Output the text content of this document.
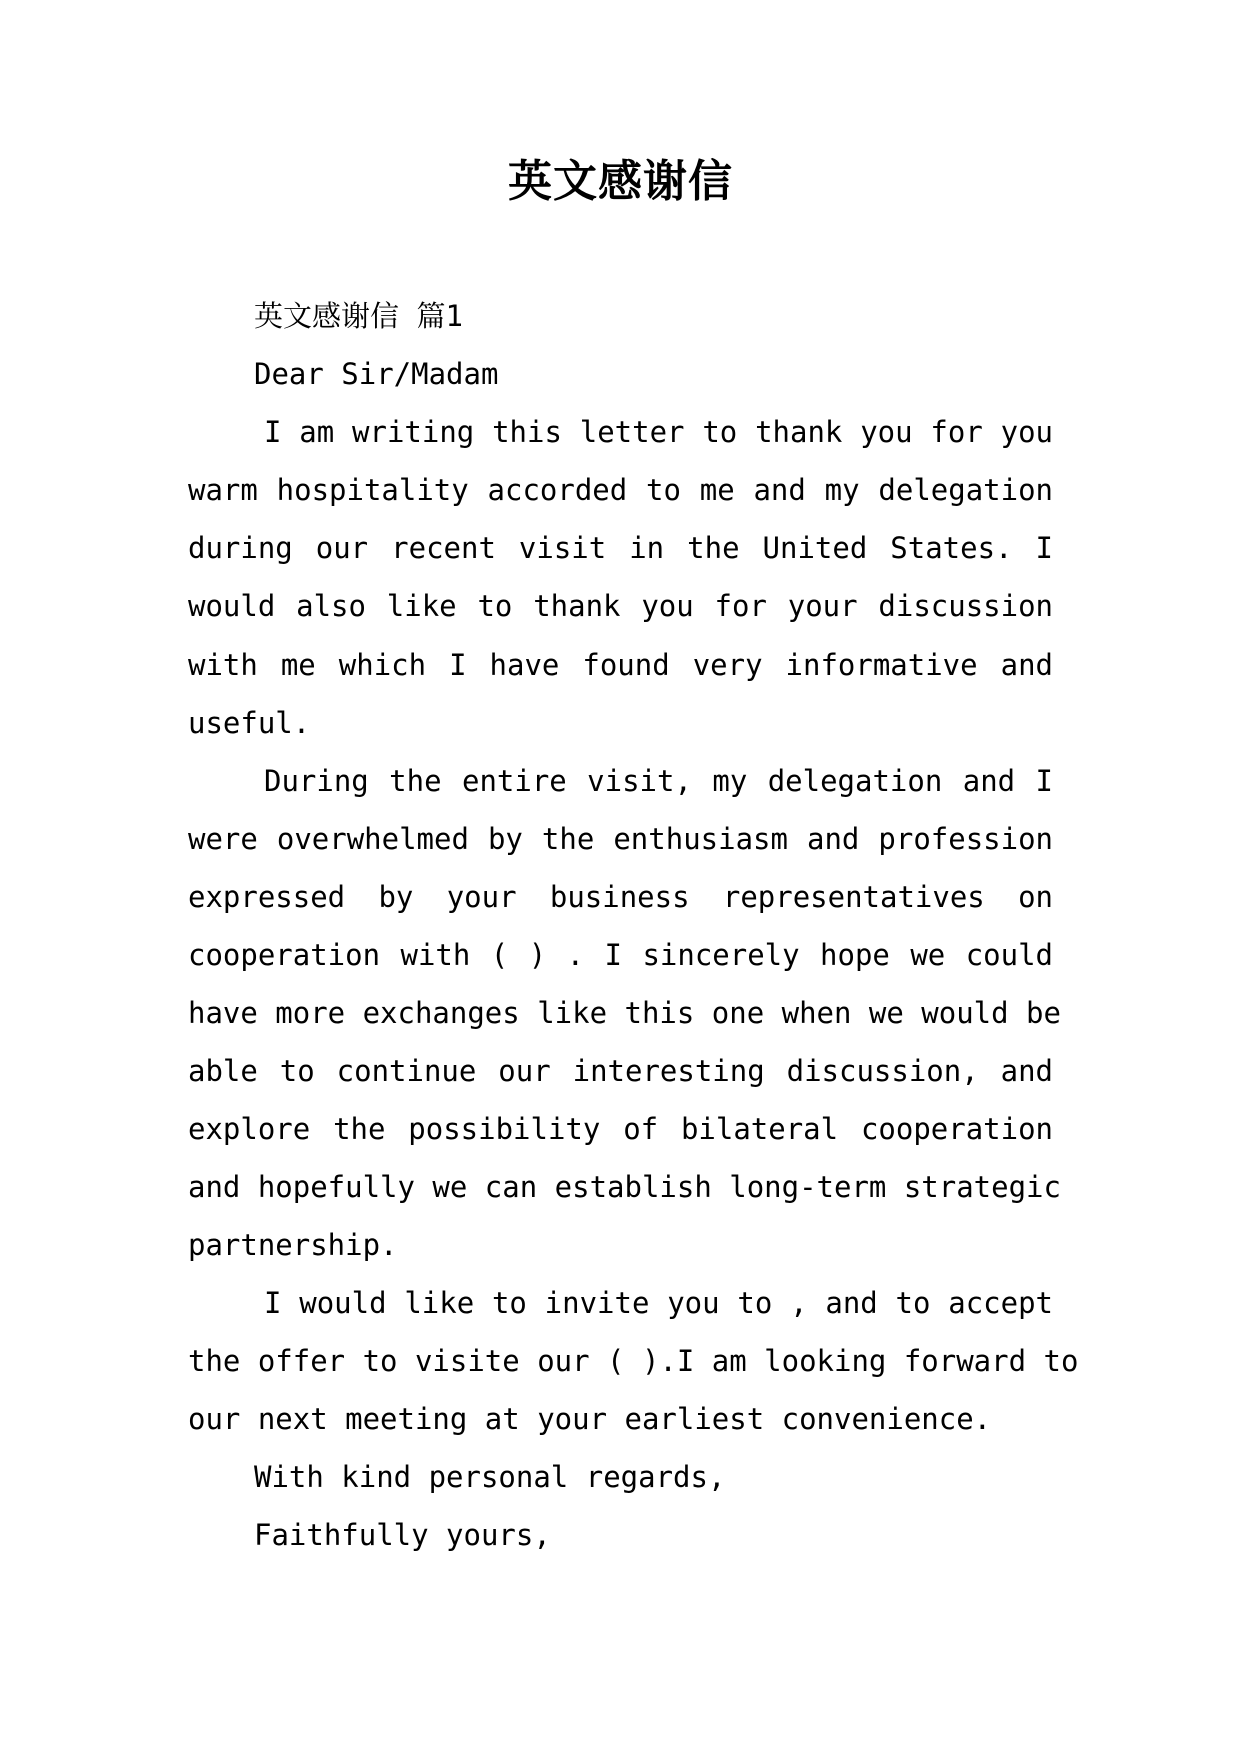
英文感谢信
英文感谢信 篇1
Dear Sir/Madam
I am writing this letter to thank you for you
warm hospitality accorded to me and my delegation
during our recent visit in the United States. I
would also like to thank you for your discussion
with me which I have found very informative and
useful.
During the entire visit, my delegation and I
were overwhelmed by the enthusiasm and profession
expressed by your business representatives on
cooperation with ( ) . I sincerely hope we could
have more exchanges like this one when we would be
able to continue our interesting discussion, and
explore the possibility of bilateral cooperation
and hopefully we can establish long-term strategic
partnership.
I would like to invite you to , and to accept
the offer to visite our ( ).I am looking forward to
our next meeting at your earliest convenience.
With kind personal regards,
Faithfully yours,
